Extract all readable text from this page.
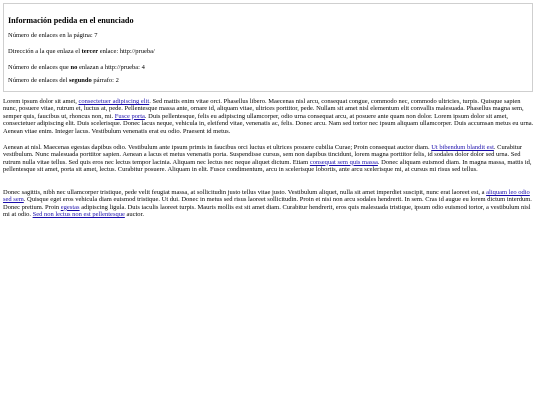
Información pedida en el enunciado

Número de enlaces en la página: 7

Dirección a la que enlaza el tercer enlace: http://prueba/

Número de enlaces que no enlazan a http://prueba: 4

Número de enlaces del segundo párrafo: 2

Lorem ipsum dolor sit amet, consectetuer adipiscing elit. Sed mattis enim vitae orci. Phasellus libero. Maecenas nisl arcu, consequat congue, commodo nec, commodo ultricies, turpis. Quisque sapien nunc, posuere vitae, rutrum et, luctus at, pede. Pellentesque massa ante, ornare id, aliquam vitae, ultrices porttitor, pede. Nullam sit amet nisl elementum elit convallis malesuada. Phasellus magna sem, semper quis, faucibus ut, rhoncus non, mi. Fusce porta. Duis pellentesque, felis eu adipiscing ullamcorper, odio urna consequat arcu, at posuere ante quam non dolor. Lorem ipsum dolor sit amet, consectetuer adipiscing elit. Duis scelerisque. Donec lacus neque, vehicula in, eleifend vitae, venenatis ac, felis. Donec arcu. Nam sed tortor nec ipsum aliquam ullamcorper. Duis accumsan metus eu urna. Aenean vitae enim. Integer lacus. Vestibulum venenatis erat eu odio. Praesent id metus.

Aenean at nisl. Maecenas egestas dapibus odio. Vestibulum ante ipsum primis in faucibus orci luctus et ultrices posuere cubilia Curae; Proin consequat auctor diam. Ut bibendum blandit est. Curabitur vestibulum. Nunc malesuada porttitor sapien. Aenean a lacus et metus venenatis porta. Suspendisse cursus, sem non dapibus tincidunt, lorem magna porttitor felis, id sodales dolor dolor sed urna. Sed rutrum nulla vitae tellus. Sed quis eros nec lectus tempor lacinia. Aliquam nec lectus nec neque aliquet dictum. Etiam consequat sem quis massa. Donec aliquam euismod diam. In magna massa, mattis id, pellentesque sit amet, porta sit amet, lectus. Curabitur posuere. Aliquam in elit. Fusce condimentum, arcu in scelerisque lobortis, ante arcu scelerisque mi, at cursus mi risus sed tellus.

Donec sagittis, nibh nec ullamcorper tristique, pede velit feugiat massa, at sollicitudin justo tellus vitae justo. Vestibulum aliquet, nulla sit amet imperdiet suscipit, nunc erat laoreet est, a aliquam leo odio sed sem. Quisque eget eros vehicula diam euismod tristique. Ut dui. Donec in metus sed risus laoreet sollicitudin. Proin et nisi non arcu sodales hendrerit. In sem. Cras id augue eu lorem dictum interdum. Donec pretium. Proin egestas adipiscing ligula. Duis iaculis laoreet turpis. Mauris mollis est sit amet diam. Curabitur hendrerit, eros quis malesuada tristique, ipsum odio euismod tortor, a vestibulum nisl mi at odio. Sed non lectus non est pellentesque auctor.
